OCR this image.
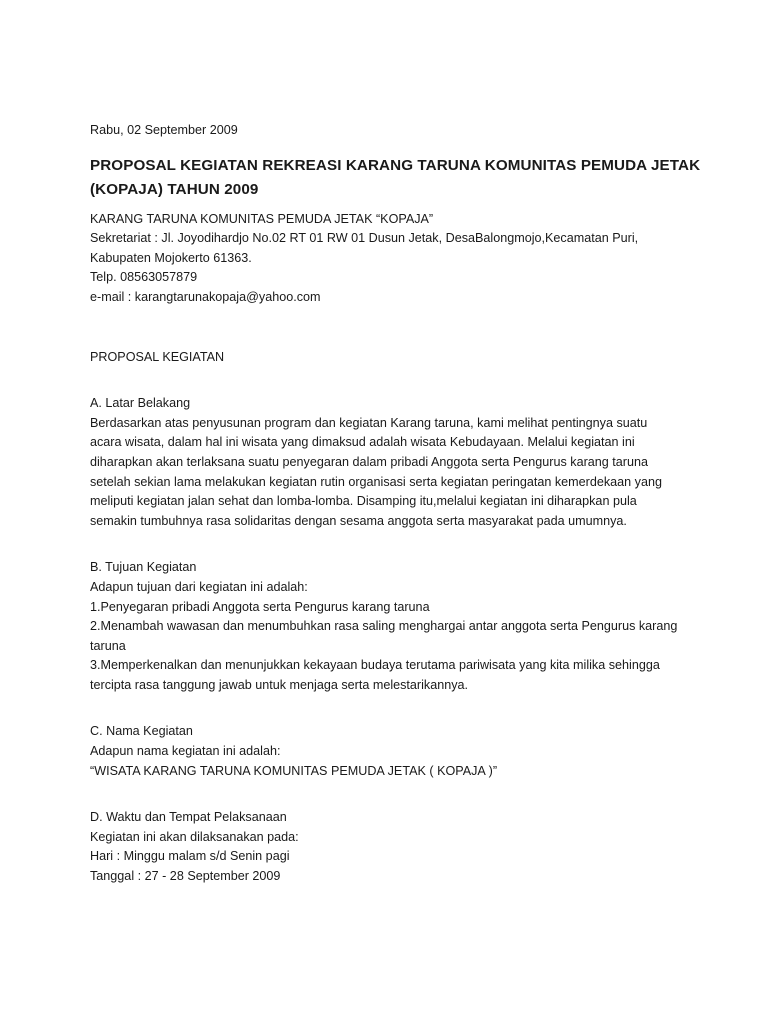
Rabu, 02 September 2009
PROPOSAL KEGIATAN REKREASI KARANG TARUNA KOMUNITAS PEMUDA JETAK
(KOPAJA) TAHUN 2009
KARANG TARUNA KOMUNITAS PEMUDA JETAK “KOPAJA”
Sekretariat : Jl. Joyodihardjo No.02 RT 01 RW 01 Dusun Jetak, DesaBalongmojo,Kecamatan Puri,
Kabupaten Mojokerto 61363.
Telp. 08563057879
e-mail : karangtarunakopaja@yahoo.com
PROPOSAL KEGIATAN
A. Latar Belakang
Berdasarkan atas penyusunan program dan kegiatan Karang taruna, kami melihat pentingnya suatu
acara wisata, dalam hal ini wisata yang dimaksud adalah wisata Kebudayaan. Melalui kegiatan ini
diharapkan akan terlaksana suatu penyegaran dalam pribadi Anggota serta Pengurus karang taruna
setelah sekian lama melakukan kegiatan rutin organisasi serta kegiatan peringatan kemerdekaan yang
meliputi kegiatan jalan sehat dan lomba-lomba. Disamping itu,melalui kegiatan ini diharapkan pula
semakin tumbuhnya rasa solidaritas dengan sesama anggota serta masyarakat pada umumnya.
B. Tujuan Kegiatan
Adapun tujuan dari kegiatan ini adalah:
1.Penyegaran pribadi Anggota serta Pengurus karang taruna
2.Menambah wawasan dan menumbuhkan rasa saling menghargai antar anggota serta Pengurus karang
taruna
3.Memperkenalkan dan menunjukkan kekayaan budaya terutama pariwisata yang kita milika sehingga
tercipta rasa tanggung jawab untuk menjaga serta melestarikannya.
C. Nama Kegiatan
Adapun nama kegiatan ini adalah:
“WISATA KARANG TARUNA KOMUNITAS PEMUDA JETAK ( KOPAJA )”
D. Waktu dan Tempat Pelaksanaan
Kegiatan ini akan dilaksanakan pada:
Hari : Minggu malam s/d Senin pagi
Tanggal : 27 - 28 September 2009
